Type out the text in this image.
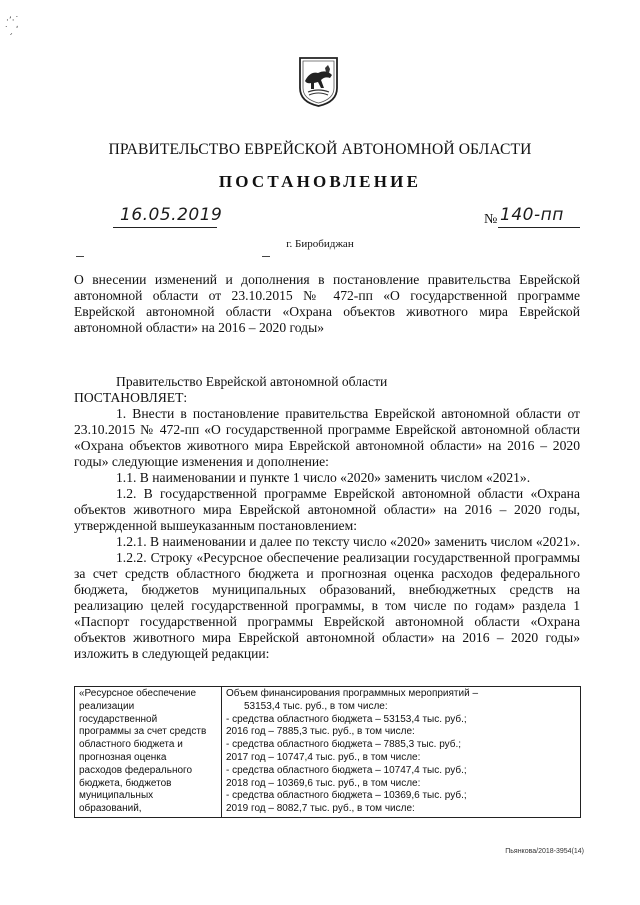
·ʼ·˙
˙ˏ ʹ
ПРАВИТЕЛЬСТВО ЕВРЕЙСКОЙ АВТОНОМНОЙ ОБЛАСТИ
ПОСТАНОВЛЕНИЕ
16.05.2019	№ 140-пп
г. Биробиджан
О внесении изменений и дополнения в постановление правительства Еврейской автономной области от 23.10.2015 № 472-пп «О государственной программе Еврейской автономной области «Охрана объектов животного мира Еврейской автономной области» на 2016 – 2020 годы»

Правительство Еврейской автономной области

ПОСТАНОВЛЯЕТ:

1. Внести в постановление правительства Еврейской автономной области от 23.10.2015 № 472-пп «О государственной программе Еврейской автономной области «Охрана объектов животного мира Еврейской автономной области» на 2016 – 2020 годы» следующие изменения и дополнение:

1.1. В наименовании и пункте 1 число «2020» заменить числом «2021».

1.2. В государственной программе Еврейской автономной области «Охрана объектов животного мира Еврейской автономной области» на 2016 – 2020 годы, утвержденной вышеуказанным постановлением:

1.2.1. В наименовании и далее по тексту число «2020» заменить числом «2021».

1.2.2. Строку «Ресурсное обеспечение реализации государственной программы за счет средств областного бюджета и прогнозная оценка расходов федерального бюджета, бюджетов муниципальных образований, внебюджетных средств на реализацию целей государственной программы, в том числе по годам» раздела 1 «Паспорт государственной программы Еврейской автономной области «Охрана объектов животного мира Еврейской автономной области» на 2016 – 2020 годы» изложить в следующей редакции:

«Ресурсное обеспечение
реализации
государственной
программы за счет средств
областного бюджета и
прогнозная оценка
расходов федерального
бюджета, бюджетов
муниципальных
образований,

Объем финансирования программных мероприятий –
53153,4 тыс. руб., в том числе:
- средства областного бюджета – 53153,4 тыс. руб.;
2016 год – 7885,3 тыс. руб., в том числе:
- средства областного бюджета – 7885,3 тыс. руб.;
2017 год – 10747,4 тыс. руб., в том числе:
- средства областного бюджета – 10747,4 тыс. руб.;
2018 год – 10369,6 тыс. руб., в том числе:
- средства областного бюджета – 10369,6 тыс. руб.;
2019 год – 8082,7 тыс. руб., в том числе:
Пьянкова/2018-3954(14)
